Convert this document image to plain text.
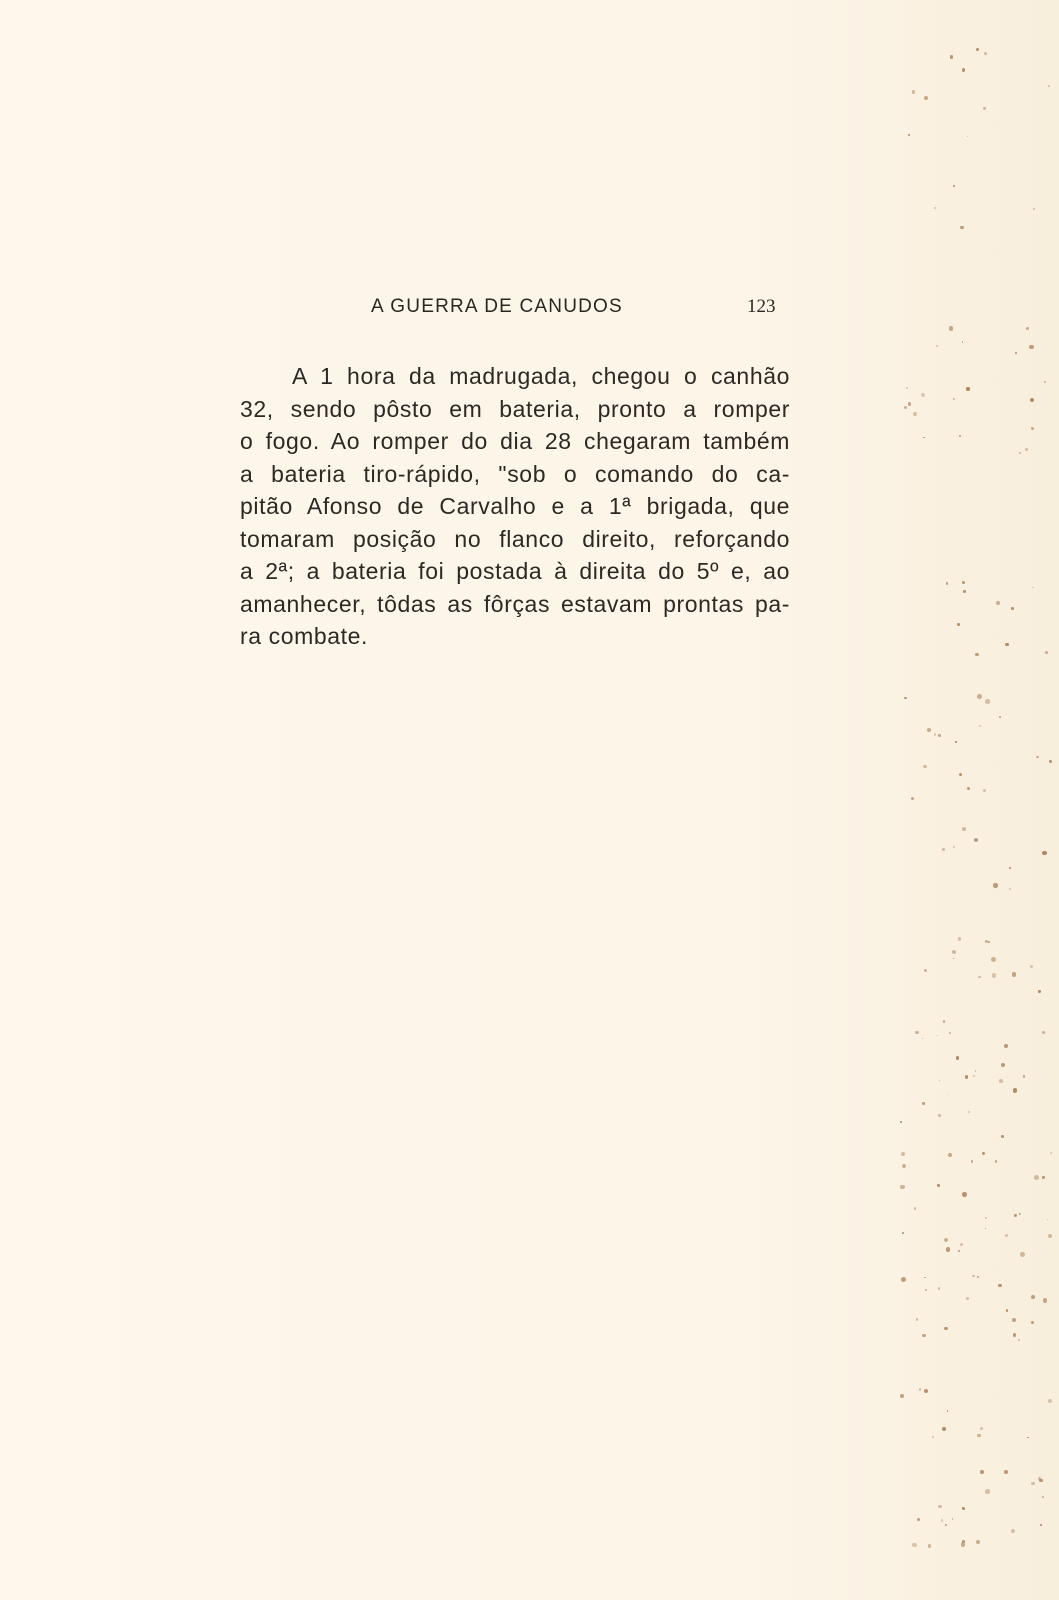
A GUERRA DE CANUDOS	123
A 1 hora da madrugada, chegou o canhão
32, sendo pôsto em bateria, pronto a romper
o fogo. Ao romper do dia 28 chegaram também
a bateria tiro-rápido, "sob o comando do ca-
pitão Afonso de Carvalho e a 1ª brigada, que
tomaram posição no flanco direito, reforçando
a 2ª; a bateria foi postada à direita do 5º e, ao
amanhecer, tôdas as fôrças estavam prontas pa-
ra combate.
